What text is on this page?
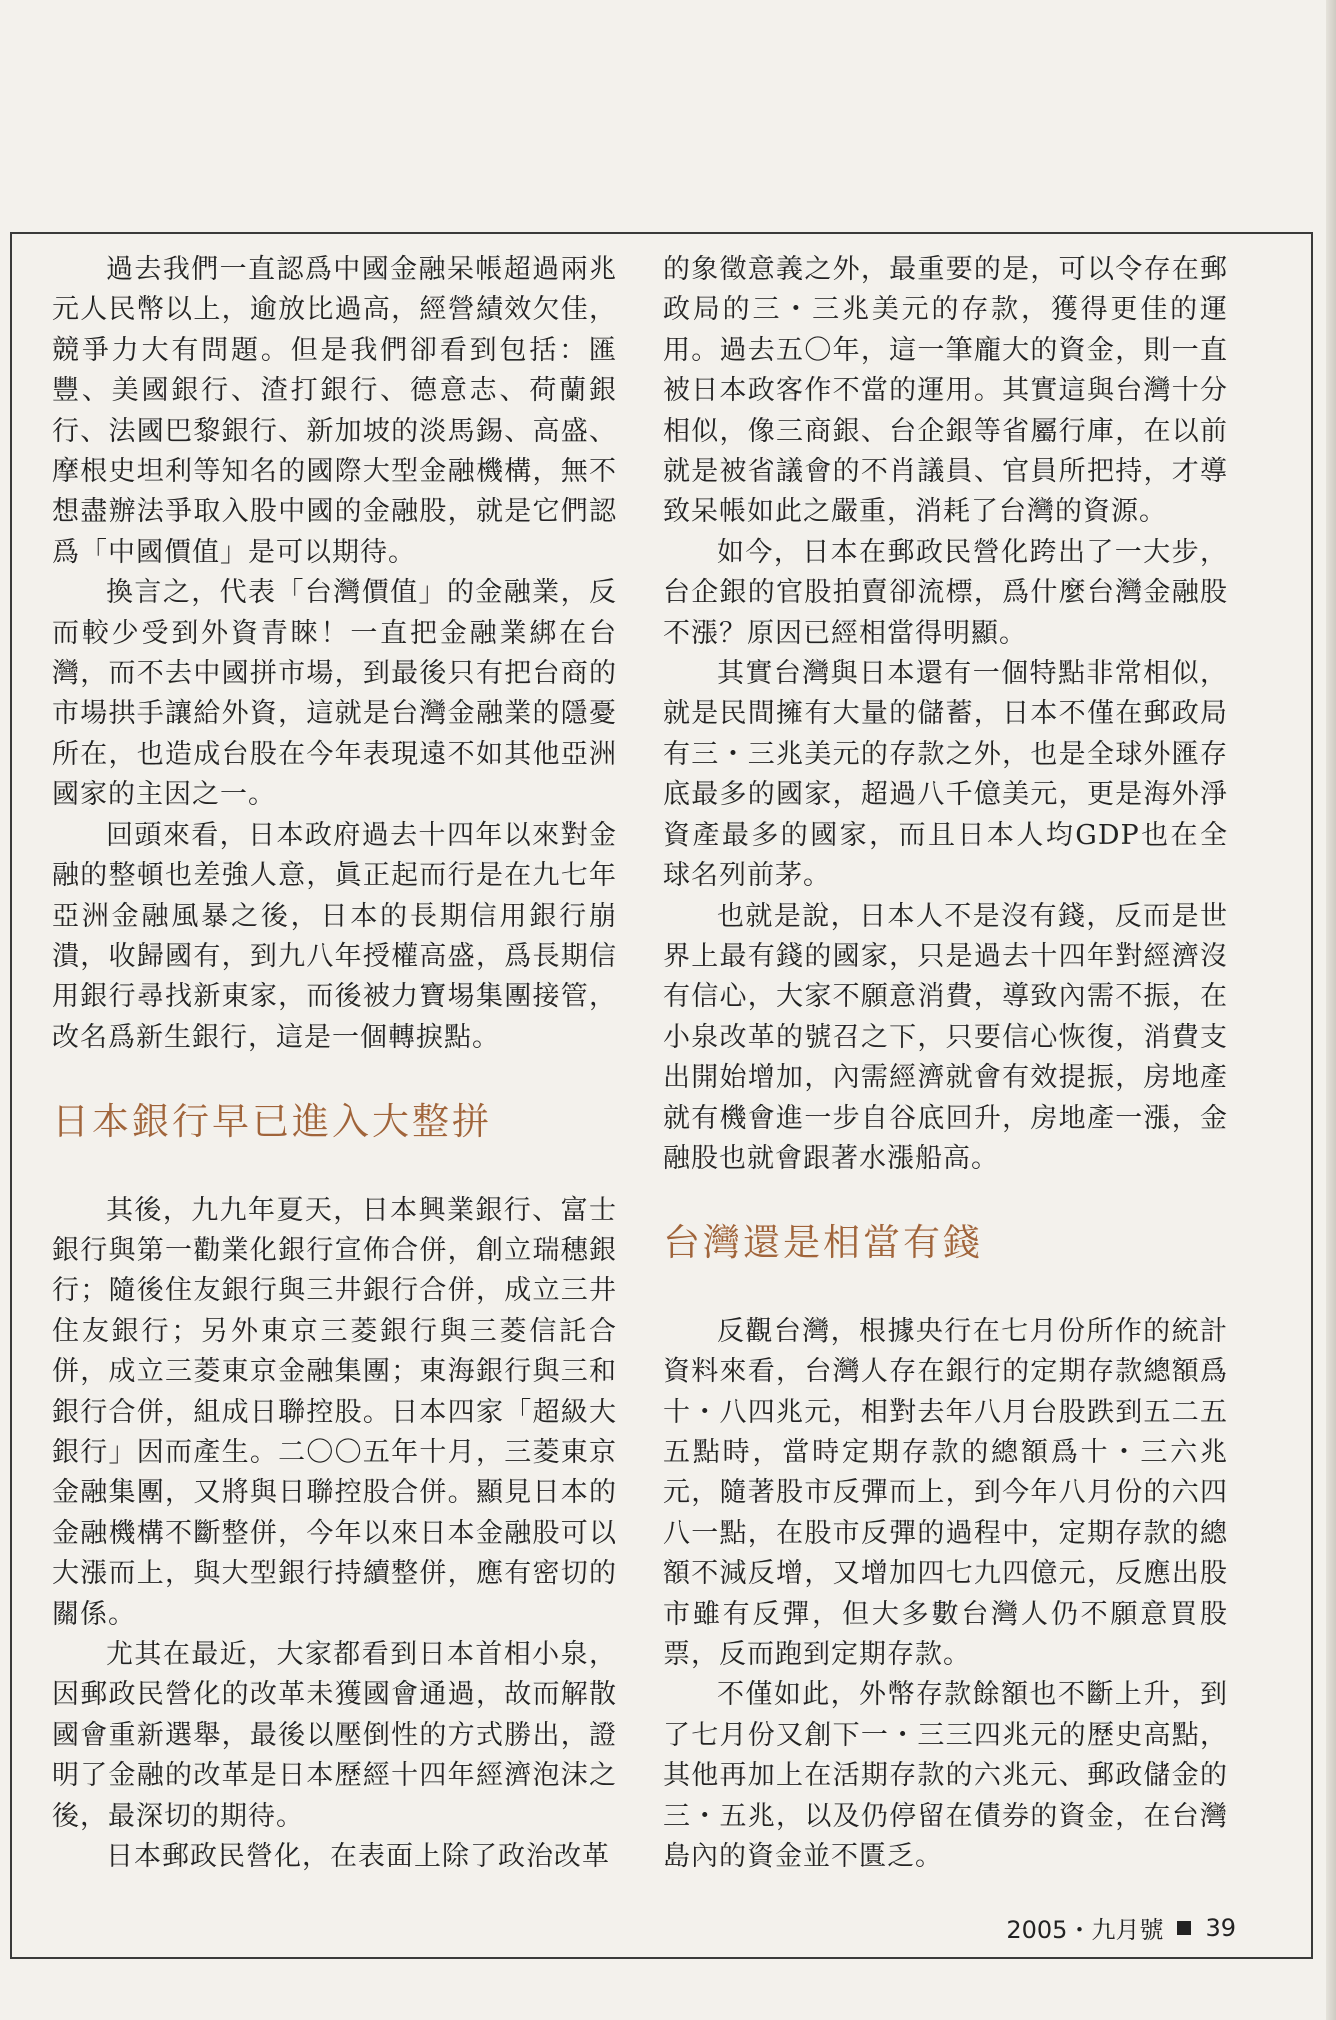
過去我們一直認爲中國金融呆帳超過兩兆元人民幣以上，逾放比過高，經營績效欠佳，競爭力大有問題。但是我們卻看到包括：匯豐、美國銀行、渣打銀行、德意志、荷蘭銀行、法國巴黎銀行、新加坡的淡馬錫、高盛、摩根史坦利等知名的國際大型金融機構，無不想盡辦法爭取入股中國的金融股，就是它們認爲「中國價值」是可以期待。

換言之，代表「台灣價值」的金融業，反而較少受到外資青睞！一直把金融業綁在台灣，而不去中國拼市場，到最後只有把台商的市場拱手讓給外資，這就是台灣金融業的隱憂所在，也造成台股在今年表現遠不如其他亞洲國家的主因之一。

回頭來看，日本政府過去十四年以來對金融的整頓也差強人意，眞正起而行是在九七年亞洲金融風暴之後，日本的長期信用銀行崩潰，收歸國有，到九八年授權高盛，爲長期信用銀行尋找新東家，而後被力寶埸集團接管，改名爲新生銀行，這是一個轉捩點。

日本銀行早已進入大整拼

其後，九九年夏天，日本興業銀行、富士銀行與第一勸業化銀行宣佈合併，創立瑞穗銀行；隨後住友銀行與三井銀行合併，成立三井住友銀行；另外東京三菱銀行與三菱信託合併，成立三菱東京金融集團；東海銀行與三和銀行合併，組成日聯控股。日本四家「超級大銀行」因而產生。二〇〇五年十月，三菱東京金融集團，又將與日聯控股合併。顯見日本的金融機構不斷整併，今年以來日本金融股可以大漲而上，與大型銀行持續整併，應有密切的關係。

尤其在最近，大家都看到日本首相小泉，因郵政民營化的改革未獲國會通過，故而解散國會重新選舉，最後以壓倒性的方式勝出，證明了金融的改革是日本歷經十四年經濟泡沫之後，最深切的期待。

日本郵政民營化，在表面上除了政治改革

的象徵意義之外，最重要的是，可以令存在郵政局的三・三兆美元的存款，獲得更佳的運用。過去五〇年，這一筆龐大的資金，則一直被日本政客作不當的運用。其實這與台灣十分相似，像三商銀、台企銀等省屬行庫，在以前就是被省議會的不肖議員、官員所把持，才導致呆帳如此之嚴重，消耗了台灣的資源。

如今，日本在郵政民營化跨出了一大步，台企銀的官股拍賣卻流標，爲什麼台灣金融股不漲？原因已經相當得明顯。

其實台灣與日本還有一個特點非常相似，就是民間擁有大量的儲蓄，日本不僅在郵政局有三・三兆美元的存款之外，也是全球外匯存底最多的國家，超過八千億美元，更是海外淨資產最多的國家，而且日本人均GDP也在全球名列前茅。

也就是說，日本人不是沒有錢，反而是世界上最有錢的國家，只是過去十四年對經濟沒有信心，大家不願意消費，導致內需不振，在小泉改革的號召之下，只要信心恢復，消費支出開始增加，內需經濟就會有效提振，房地產就有機會進一步自谷底回升，房地產一漲，金融股也就會跟著水漲船高。

台灣還是相當有錢

反觀台灣，根據央行在七月份所作的統計資料來看，台灣人存在銀行的定期存款總額爲十・八四兆元，相對去年八月台股跌到五二五五點時，當時定期存款的總額爲十・三六兆元，隨著股市反彈而上，到今年八月份的六四八一點，在股市反彈的過程中，定期存款的總額不減反增，又增加四七九四億元，反應出股市雖有反彈，但大多數台灣人仍不願意買股票，反而跑到定期存款。

不僅如此，外幣存款餘額也不斷上升，到了七月份又創下一・三三四兆元的歷史高點，其他再加上在活期存款的六兆元、郵政儲金的三・五兆，以及仍停留在債券的資金，在台灣島內的資金並不匱乏。

2005・九月號 39
